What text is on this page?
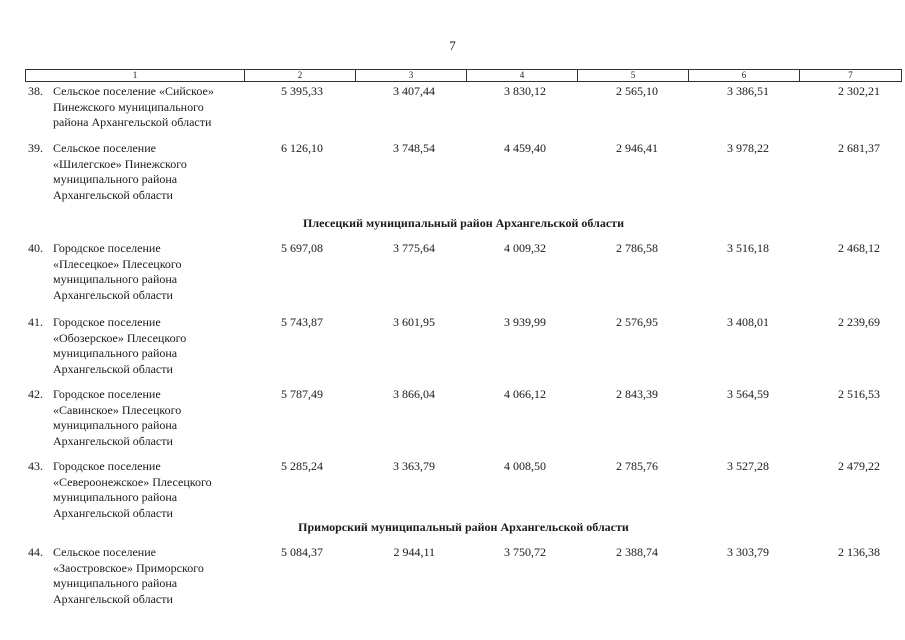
7
1	2	3	4	5	6	7
38. Сельское поселение «Сийское»
Пинежского муниципального
района Архангельской области
5 395,33	3 407,44	3 830,12	2 565,10	3 386,51	2 302,21
39. Сельское поселение
«Шилегское» Пинежского
муниципального района
Архангельской области
6 126,10	3 748,54	4 459,40	2 946,41	3 978,22	2 681,37
Плесецкий муниципальный район Архангельской области
40. Городское поселение
«Плесецкое» Плесецкого
муниципального района
Архангельской области
5 697,08	3 775,64	4 009,32	2 786,58	3 516,18	2 468,12
41. Городское поселение
«Обозерское» Плесецкого
муниципального района
Архангельской области
5 743,87	3 601,95	3 939,99	2 576,95	3 408,01	2 239,69
42. Городское поселение
«Савинское» Плесецкого
муниципального района
Архангельской области
5 787,49	3 866,04	4 066,12	2 843,39	3 564,59	2 516,53
43. Городское поселение
«Североонежское» Плесецкого
муниципального района
Архангельской области
5 285,24	3 363,79	4 008,50	2 785,76	3 527,28	2 479,22
Приморский муниципальный район Архангельской области
44. Сельское поселение
«Заостровское» Приморского
муниципального района
Архангельской области
5 084,37	2 944,11	3 750,72	2 388,74	3 303,79	2 136,38
